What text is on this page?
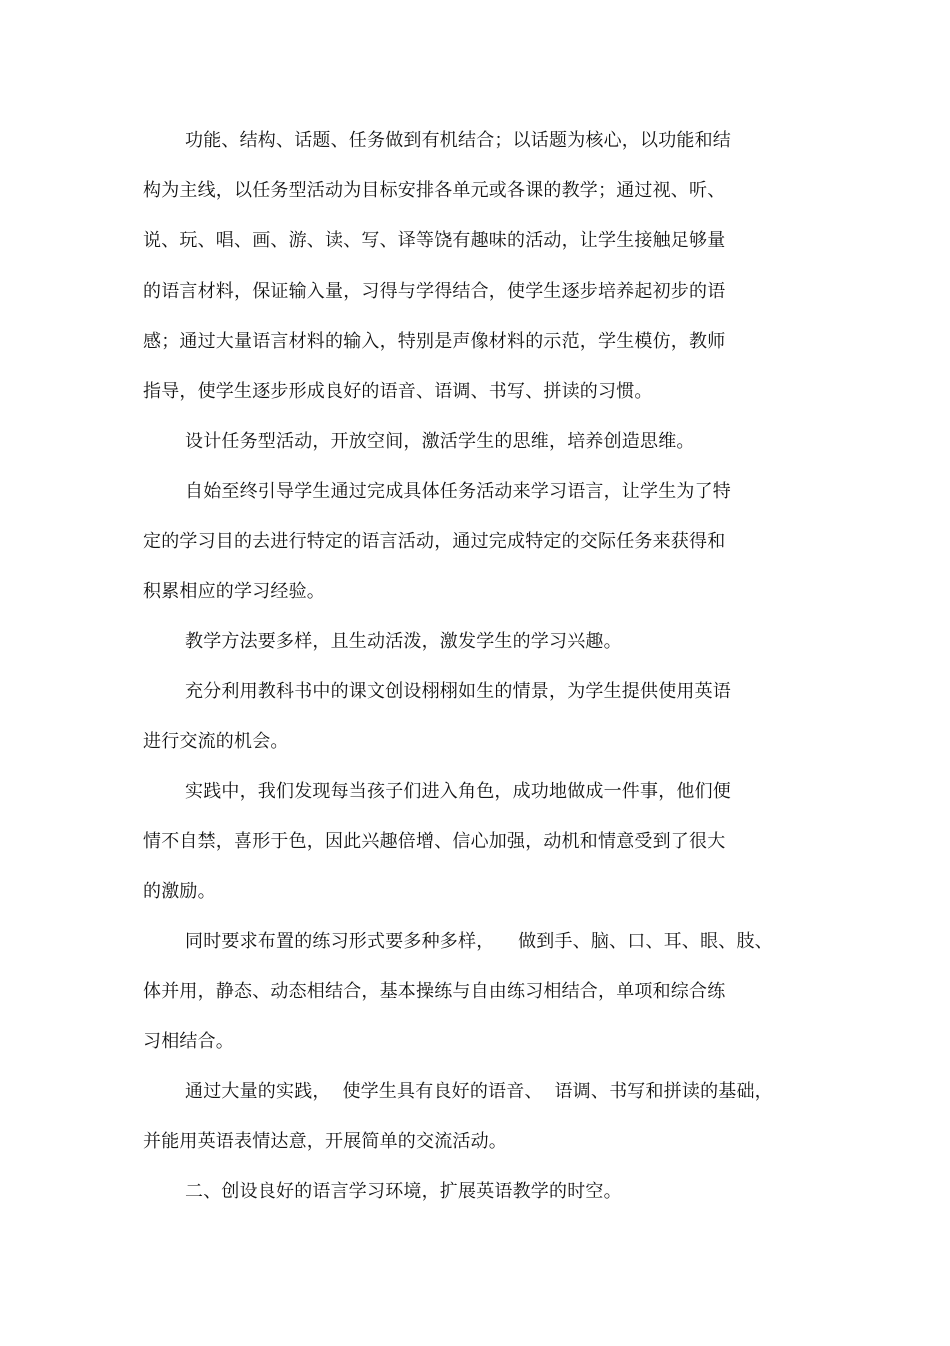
功能、结构、话题、任务做到有机结合；以话题为核心，以功能和结
构为主线，以任务型活动为目标安排各单元或各课的教学；通过视、听、
说、玩、唱、画、游、读、写、译等饶有趣味的活动，让学生接触足够量
的语言材料，保证输入量，习得与学得结合，使学生逐步培养起初步的语
感；通过大量语言材料的输入，特别是声像材料的示范，学生模仿，教师
指导，使学生逐步形成良好的语音、语调、书写、拼读的习惯。
设计任务型活动，开放空间，激活学生的思维，培养创造思维。
自始至终引导学生通过完成具体任务活动来学习语言，让学生为了特
定的学习目的去进行特定的语言活动，通过完成特定的交际任务来获得和
积累相应的学习经验。
教学方法要多样，且生动活泼，激发学生的学习兴趣。
充分利用教科书中的课文创设栩栩如生的情景，为学生提供使用英语
进行交流的机会。
实践中，我们发现每当孩子们进入角色，成功地做成一件事，他们便
情不自禁，喜形于色，因此兴趣倍增、信心加强，动机和情意受到了很大
的激励。
同时要求布置的练习形式要多种多样，    做到手、脑、口、耳、眼、肢、
体并用，静态、动态相结合，基本操练与自由练习相结合，单项和综合练
习相结合。
通过大量的实践，  使学生具有良好的语音、  语调、书写和拼读的基础，
并能用英语表情达意，开展简单的交流活动。
二、创设良好的语言学习环境，扩展英语教学的时空。
